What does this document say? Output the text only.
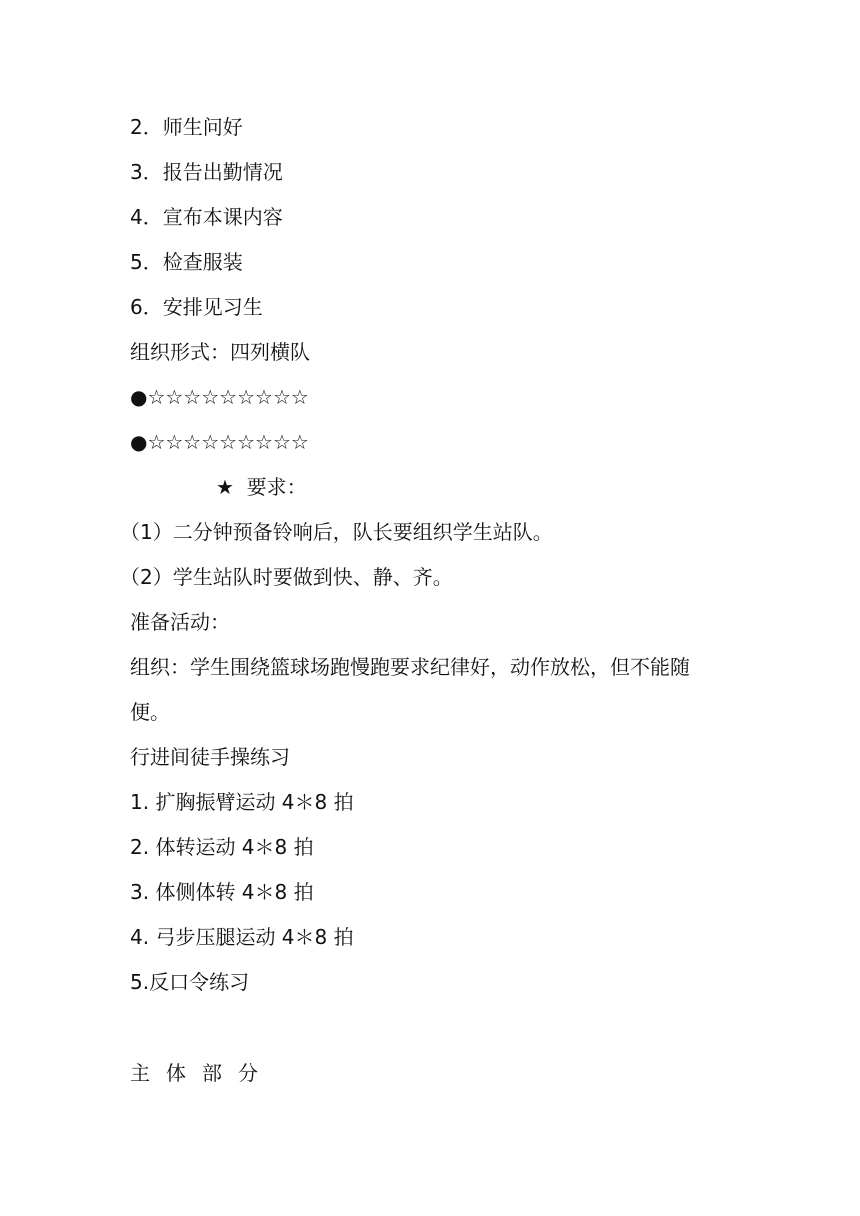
2．师生问好
3．报告出勤情况
4．宣布本课内容
5．检查服装
6．安排见习生
组织形式：四列横队
●☆☆☆☆☆☆☆☆☆
●☆☆☆☆☆☆☆☆☆
★  要求：
（1）二分钟预备铃响后，队长要组织学生站队。
（2）学生站队时要做到快、静、齐。
准备活动：
组织：学生围绕篮球场跑慢跑要求纪律好，动作放松，但不能随
便。
行进间徒手操练习
1. 扩胸振臂运动 4＊8 拍
2. 体转运动 4＊8 拍
3. 体侧体转 4＊8 拍
4. 弓步压腿运动 4＊8 拍
5.反口令练习
主体部分
